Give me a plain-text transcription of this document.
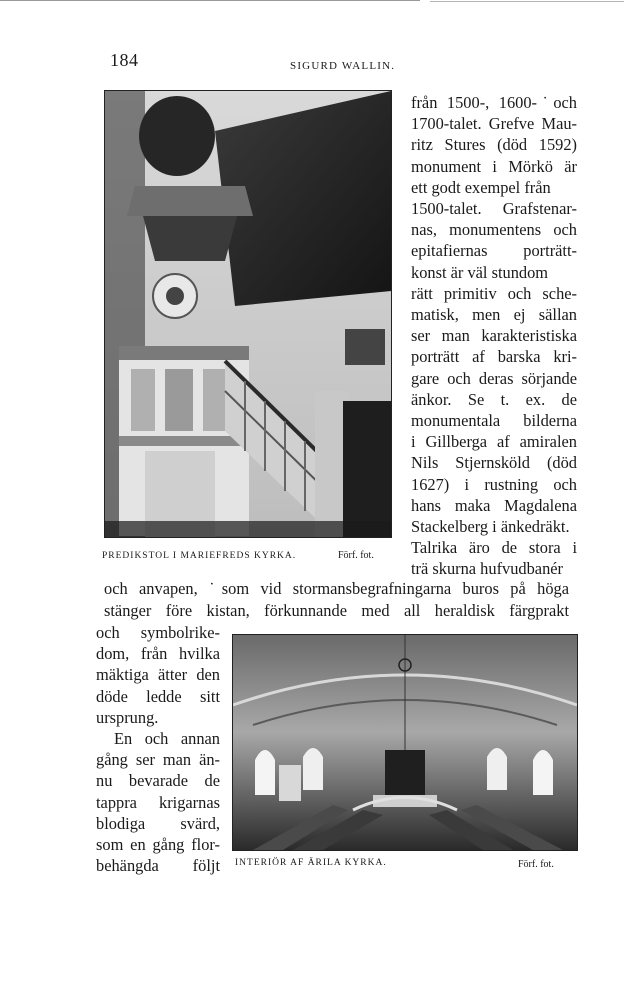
184	SIGURD WALLIN.
från 1500-, 1600-˙och
1700-talet. Grefve Mau-
ritz Stures (död 1592)
monument i Mörkö är
ett godt exempel från
1500-talet. Grafstenar-
nas, monumentens och
epitafiernas porträtt-
konst är väl stundom
rätt primitiv och sche-
matisk, men ej sällan
ser man karakteristiska
porträtt af barska kri-
gare och deras sörjande
änkor. Se t. ex. de
monumentala bilderna
i Gillberga af amiralen
Nils Stjernsköld (död
1627) i rustning och
hans maka Magdalena
Stackelberg i änkedräkt.
Talrika äro de stora i
trä skurna hufvudbanér
PREDIKSTOL I MARIEFREDS KYRKA.	Förf. fot.
och anvapen, ˙som vid stormansbegrafningarna buros på höga
stänger före kistan, förkunnande med all heraldisk färgprakt
och symbolrike-
dom, från hvilka
mäktiga ätter den
döde ledde sitt
ursprung.
En och annan
gång ser man än-
nu bevarade de
tappra krigarnas
blodiga svärd,
som en gång flor-
behängda följt INTERIÖR AF ÄRILA KYRKA.	Förf. fot.
